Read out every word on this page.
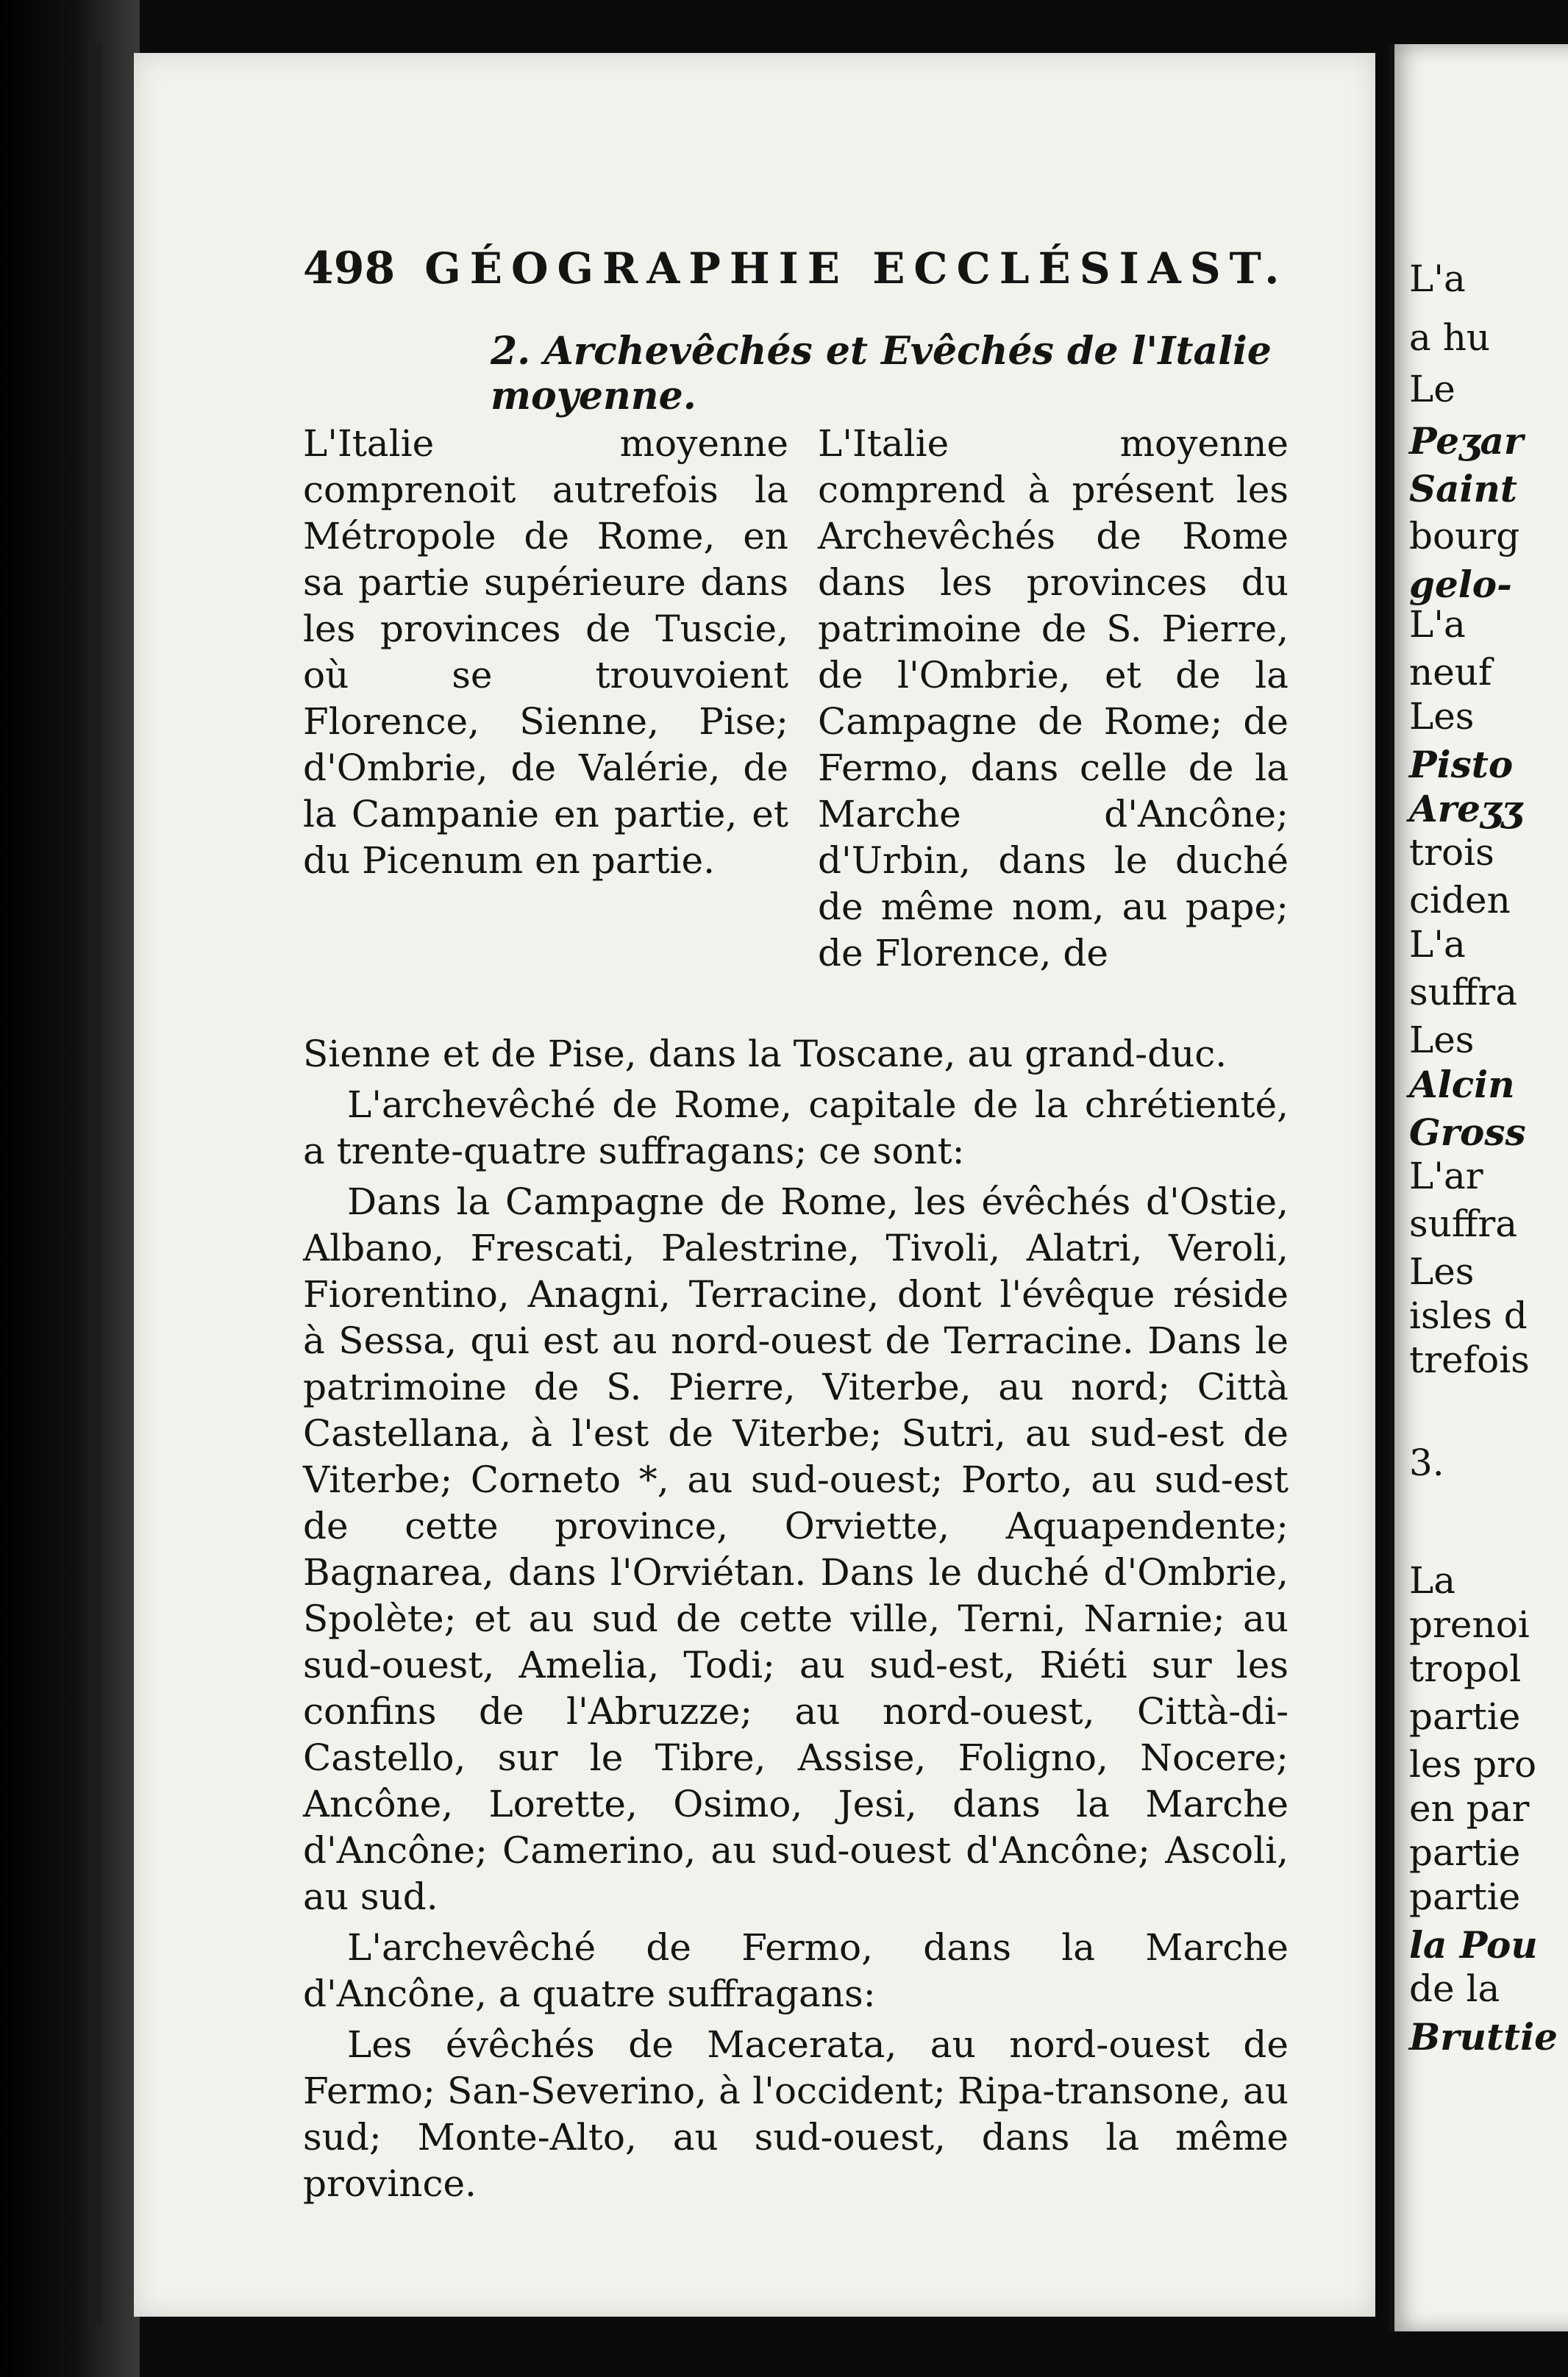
498 GÉOGRAPHIE ECCLÉSIAST.
2. Archevêchés et Evêchés de l'Italie moyenne.
L'Italie moyenne comprenoit autrefois la Métropole de Rome, en sa partie supérieure dans les provinces de Tuscie, où se trouvoient Florence, Sienne, Pise; d'Ombrie, de Valérie, de la Campanie en partie, et du Picenum en partie.
L'Italie moyenne comprend à présent les Archevêchés de Rome dans les provinces du patrimoine de S. Pierre, de l'Ombrie, et de la Campagne de Rome; de Fermo, dans celle de la Marche d'Ancône; d'Urbin, dans le duché de même nom, au pape; de Florence, de

Sienne et de Pise, dans la Toscane, au grand-duc.

L'archevêché de Rome, capitale de la chrétienté, a trente-quatre suffragans; ce sont:

Dans la Campagne de Rome, les évêchés d'Ostie, Albano, Frescati, Palestrine, Tivoli, Alatri, Veroli, Fiorentino, Anagni, Terracine, dont l'évêque réside à Sessa, qui est au nord-ouest de Terracine. Dans le patrimoine de S. Pierre, Viterbe, au nord; Città Castellana, à l'est de Viterbe; Sutri, au sud-est de Viterbe; Corneto *, au sud-ouest; Porto, au sud-est de cette province, Orviette, Aquapendente; Bagnarea, dans l'Orviétan. Dans le duché d'Ombrie, Spolète; et au sud de cette ville, Terni, Narnie; au sud-ouest, Amelia, Todi; au sud-est, Riéti sur les confins de l'Abruzze; au nord-ouest, Città-di-Castello, sur le Tibre, Assise, Foligno, Nocere; Ancône, Lorette, Osimo, Jesi, dans la Marche d'Ancône; Camerino, au sud-ouest d'Ancône; Ascoli, au sud.

L'archevêché de Fermo, dans la Marche d'Ancône, a quatre suffragans:

Les évêchés de Macerata, au nord-ouest de Fermo; San-Severino, à l'occident; Ripa-transone, au sud; Monte-Alto, au sud-ouest, dans la même province.

L'a
a hu
Le
Peʒar
Saint
bourg
gelo-
L'a
neuf
Les
Pisto
Areʒʒ
trois
ciden
L'a
suffra
Les
Alcin
Gross
L'ar
suffra
Les
isles d
trefois
3.
La
prenoi
tropol
partie
les pro
en par
partie
partie
la Pou
de la
Bruttie
